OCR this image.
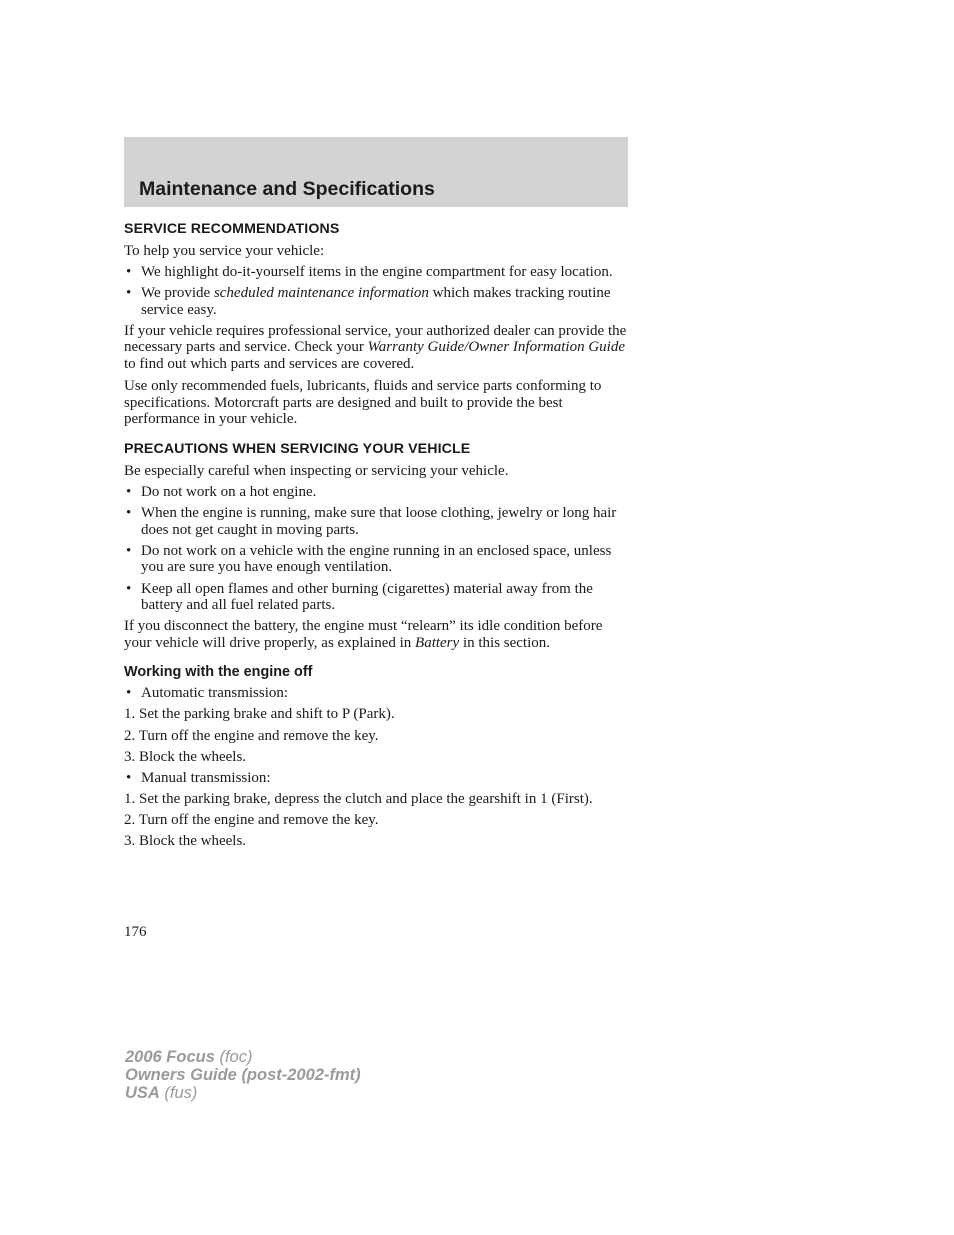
Maintenance and Specifications
SERVICE RECOMMENDATIONS

To help you service your vehicle:

• We highlight do-it-yourself items in the engine compartment for easy location.
• We provide scheduled maintenance information which makes tracking routine service easy.

If your vehicle requires professional service, your authorized dealer can provide the necessary parts and service. Check your Warranty Guide/Owner Information Guide to find out which parts and services are covered.

Use only recommended fuels, lubricants, fluids and service parts conforming to specifications. Motorcraft parts are designed and built to provide the best performance in your vehicle.

PRECAUTIONS WHEN SERVICING YOUR VEHICLE

Be especially careful when inspecting or servicing your vehicle.

• Do not work on a hot engine.
• When the engine is running, make sure that loose clothing, jewelry or long hair does not get caught in moving parts.
• Do not work on a vehicle with the engine running in an enclosed space, unless you are sure you have enough ventilation.
• Keep all open flames and other burning (cigarettes) material away from the battery and all fuel related parts.

If you disconnect the battery, the engine must “relearn” its idle condition before your vehicle will drive properly, as explained in Battery in this section.

Working with the engine off
• Automatic transmission:

1. Set the parking brake and shift to P (Park).

2. Turn off the engine and remove the key.

3. Block the wheels.

• Manual transmission:

1. Set the parking brake, depress the clutch and place the gearshift in 1 (First).

2. Turn off the engine and remove the key.

3. Block the wheels.

176
2006 Focus (foc)
Owners Guide (post-2002-fmt)
USA (fus)
